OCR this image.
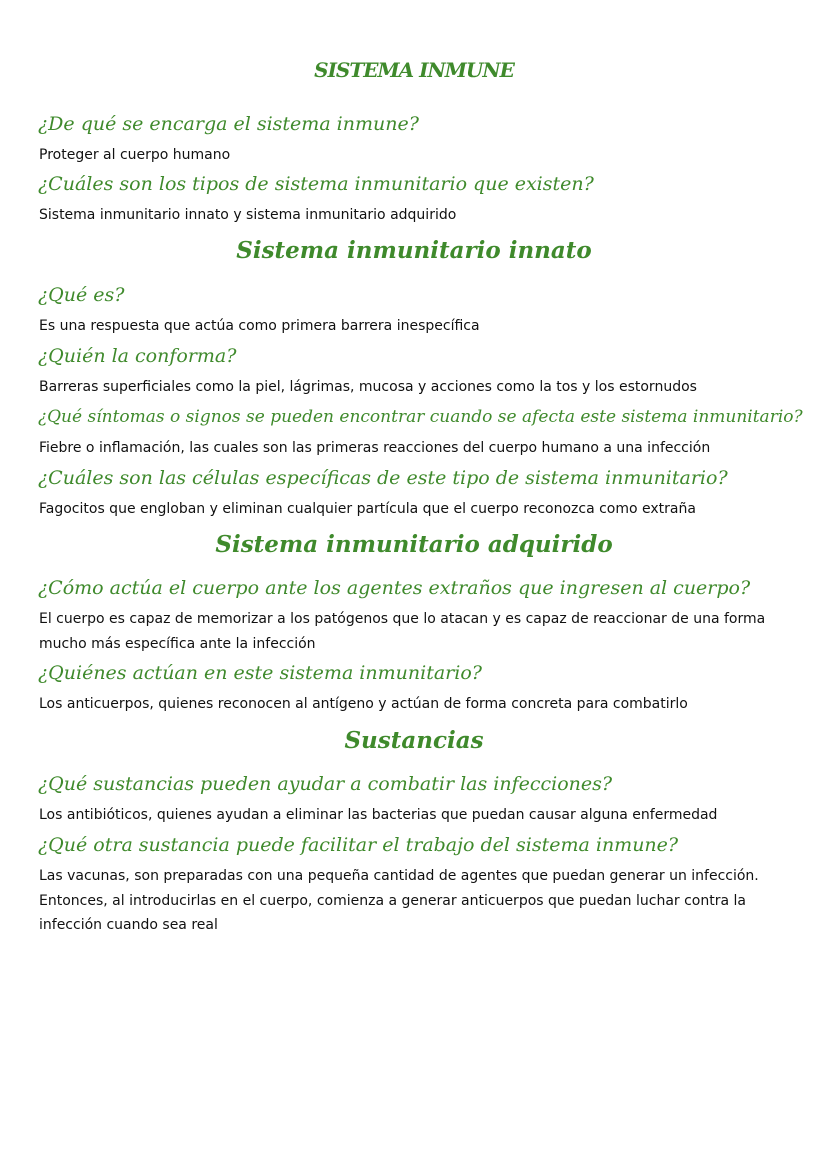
SISTEMA INMUNE

¿De qué se encarga el sistema inmune?

Proteger al cuerpo humano

¿Cuáles son los tipos de sistema inmunitario que existen?

Sistema inmunitario innato y sistema inmunitario adquirido

Sistema inmunitario innato

¿Qué es?

Es una respuesta que actúa como primera barrera inespecífica

¿Quién la conforma?

Barreras superficiales como la piel, lágrimas, mucosa y acciones como la tos y los estornudos

¿Qué síntomas o signos se pueden encontrar cuando se afecta este sistema inmunitario?

Fiebre o inflamación, las cuales son las primeras reacciones del cuerpo humano a una infección

¿Cuáles son las células específicas de este tipo de sistema inmunitario?

Fagocitos que engloban y eliminan cualquier partícula que el cuerpo reconozca como extraña

Sistema inmunitario adquirido

¿Cómo actúa el cuerpo ante los agentes extraños que ingresen al cuerpo?

El cuerpo es capaz de memorizar a los patógenos que lo atacan y es capaz de reaccionar de una forma mucho más específica ante la infección

¿Quiénes actúan en este sistema inmunitario?

Los anticuerpos, quienes reconocen al antígeno y actúan de forma concreta para combatirlo

Sustancias

¿Qué sustancias pueden ayudar a combatir las infecciones?

Los antibióticos, quienes ayudan a eliminar las bacterias que puedan causar alguna enfermedad

¿Qué otra sustancia puede facilitar el trabajo del sistema inmune?

Las vacunas, son preparadas con una pequeña cantidad de agentes que puedan generar un infección. Entonces, al introducirlas en el cuerpo, comienza a generar anticuerpos que puedan luchar contra la infección cuando sea real
